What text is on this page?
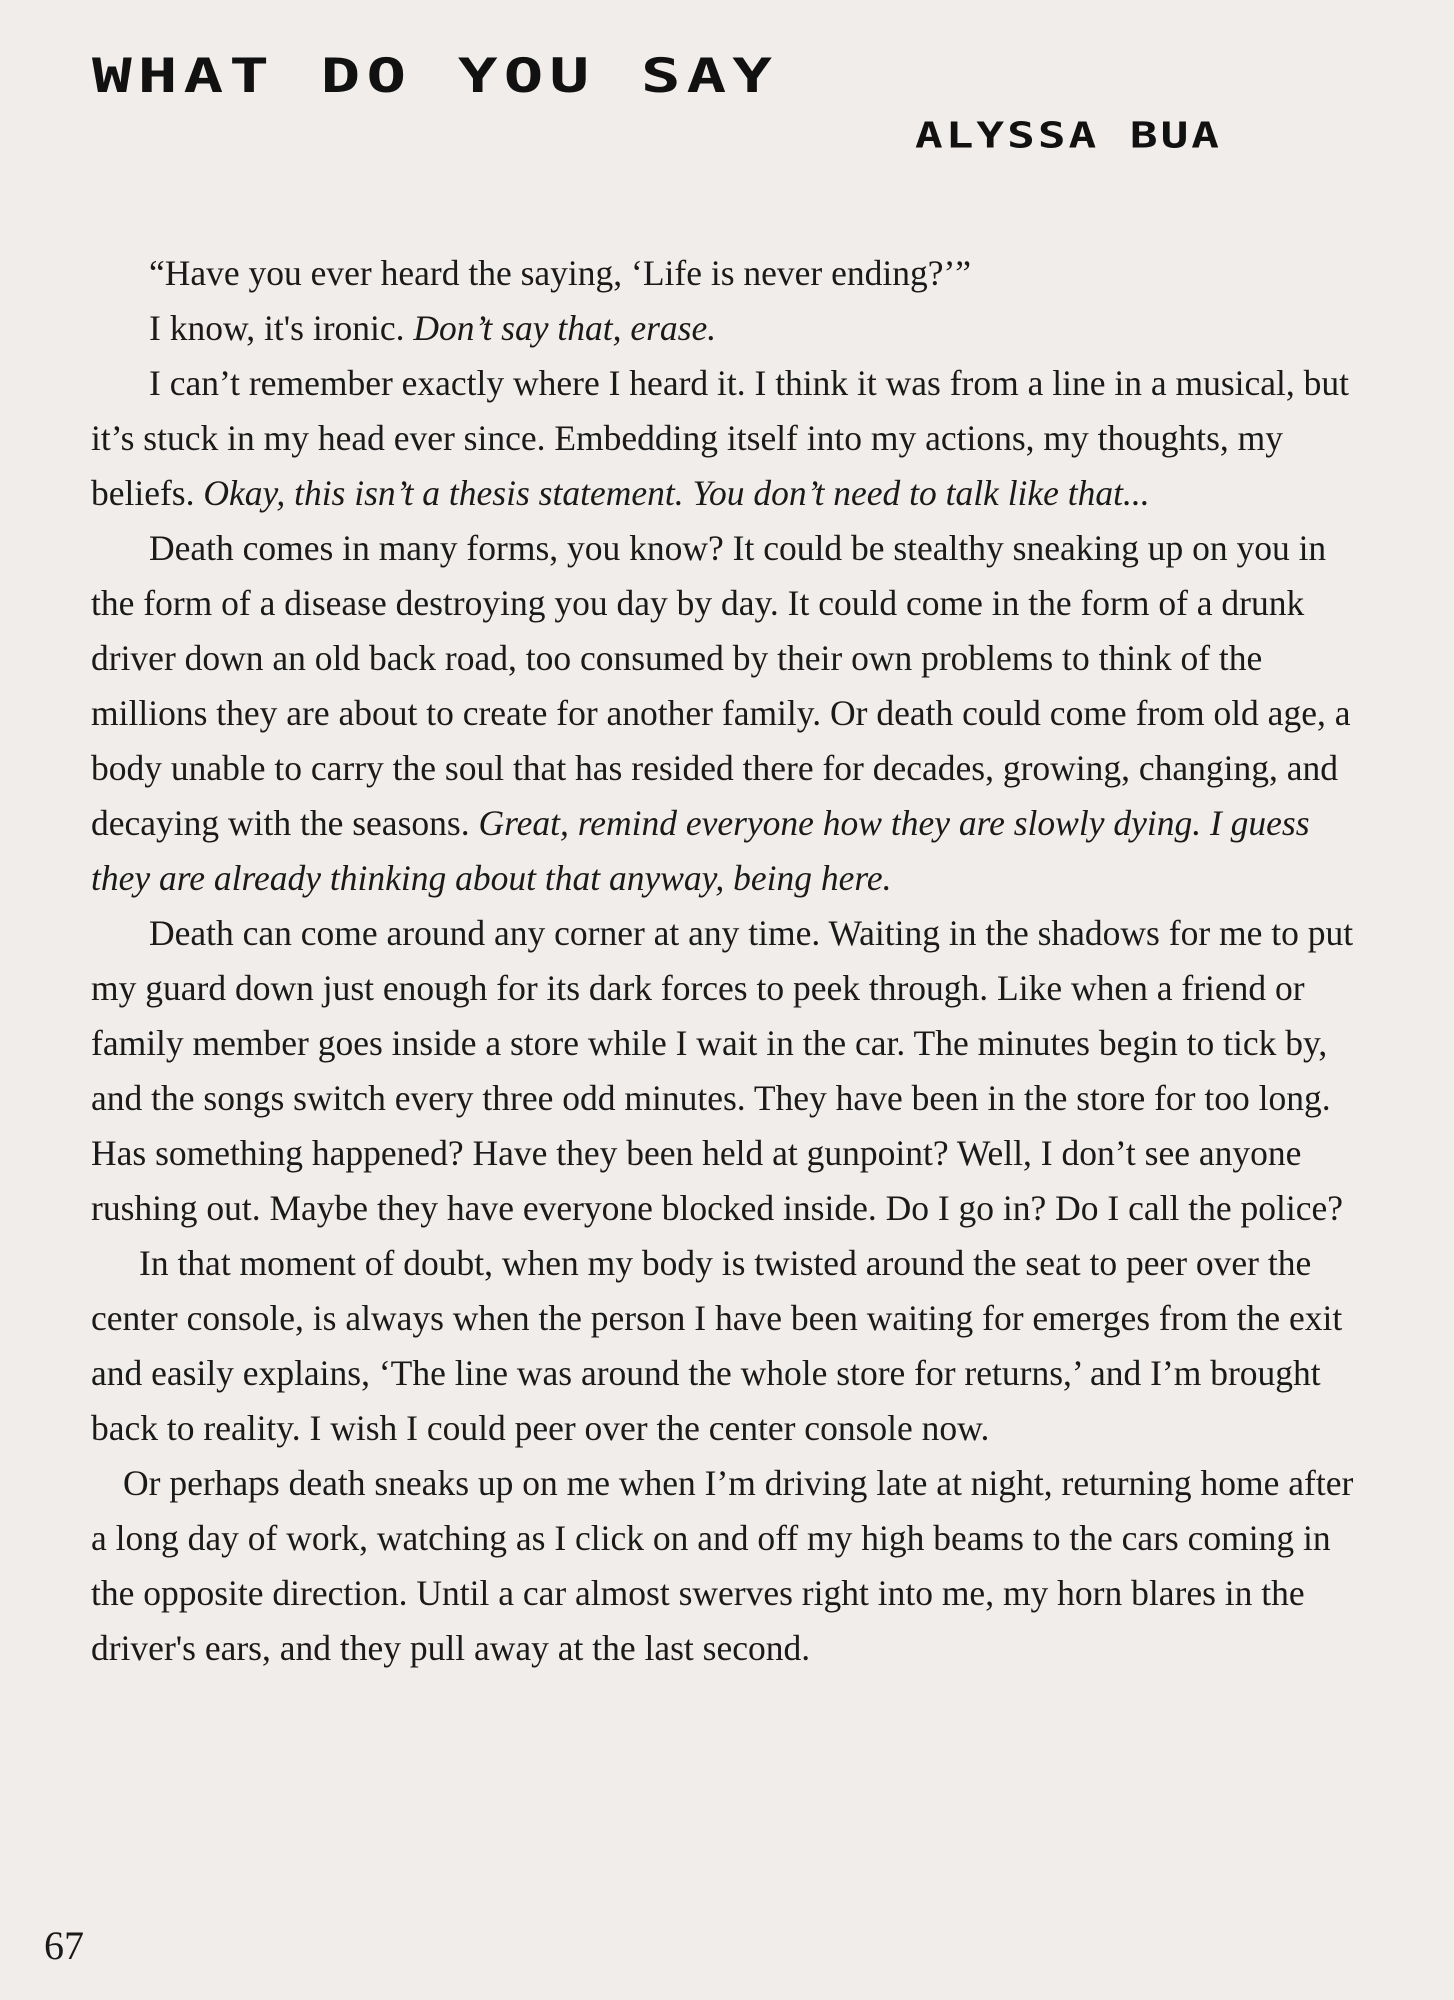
WHAT DO YOU SAY
ALYSSA BUA

“Have you ever heard the saying, ‘Life is never ending?’”

I know, it's ironic. Don’t say that, erase.

I can’t remember exactly where I heard it. I think it was from a line in a musical, but it’s stuck in my head ever since. Embedding itself into my actions, my thoughts, my beliefs. Okay, this isn’t a thesis statement. You don’t need to talk like that...

Death comes in many forms, you know? It could be stealthy sneaking up on you in the form of a disease destroying you day by day. It could come in the form of a drunk driver down an old back road, too consumed by their own problems to think of the millions they are about to create for another family. Or death could come from old age, a body unable to carry the soul that has resided there for decades, growing, changing, and decaying with the seasons. Great, remind everyone how they are slowly dying. I guess they are already thinking about that anyway, being here.

Death can come around any corner at any time. Waiting in the shadows for me to put my guard down just enough for its dark forces to peek through. Like when a friend or family member goes inside a store while I wait in the car. The minutes begin to tick by, and the songs switch every three odd minutes. They have been in the store for too long. Has something happened? Have they been held at gunpoint? Well, I don’t see anyone rushing out. Maybe they have everyone blocked inside. Do I go in? Do I call the police?

In that moment of doubt, when my body is twisted around the seat to peer over the center console, is always when the person I have been waiting for emerges from the exit and easily explains, ‘The line was around the whole store for returns,’ and I’m brought back to reality. I wish I could peer over the center console now.

Or perhaps death sneaks up on me when I’m driving late at night, returning home after a long day of work, watching as I click on and off my high beams to the cars coming in the opposite direction. Until a car almost swerves right into me, my horn blares in the driver's ears, and they pull away at the last second.

67
